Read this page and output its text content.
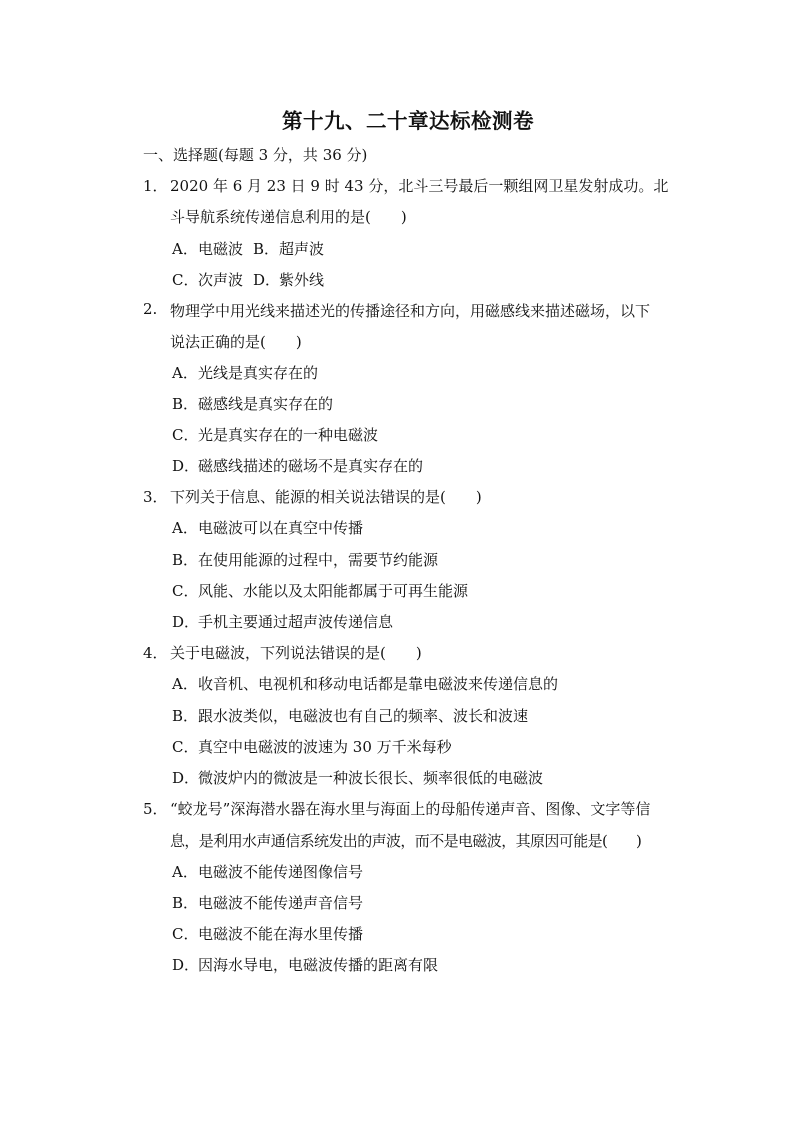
第十九、二十章达标检测卷
一、选择题(每题 3 分，共 36 分)
1． 2020 年 6 月 23 日 9 时 43 分，北斗三号最后一颗组网卫星发射成功。北
斗导航系统传递信息利用的是(　　)
A．电磁波 B．超声波
C．次声波 D．紫外线
2. 物理学中用光线来描述光的传播途径和方向，用磁感线来描述磁场，以下
说法正确的是(　　)
A．光线是真实存在的
B．磁感线是真实存在的
C．光是真实存在的一种电磁波
D．磁感线描述的磁场不是真实存在的
3． 下列关于信息、能源的相关说法错误的是(　　)
A．电磁波可以在真空中传播
B．在使用能源的过程中，需要节约能源
C．风能、水能以及太阳能都属于可再生能源
D．手机主要通过超声波传递信息
4． 关于电磁波，下列说法错误的是(　　)
A．收音机、电视机和移动电话都是靠电磁波来传递信息的
B．跟水波类似，电磁波也有自己的频率、波长和波速
C．真空中电磁波的波速为 30 万千米每秒
D．微波炉内的微波是一种波长很长、频率很低的电磁波
5． “蛟龙号”深海潜水器在海水里与海面上的母船传递声音、图像、文字等信
息，是利用水声通信系统发出的声波，而不是电磁波，其原因可能是(　　)
A．电磁波不能传递图像信号
B．电磁波不能传递声音信号
C．电磁波不能在海水里传播
D．因海水导电，电磁波传播的距离有限
